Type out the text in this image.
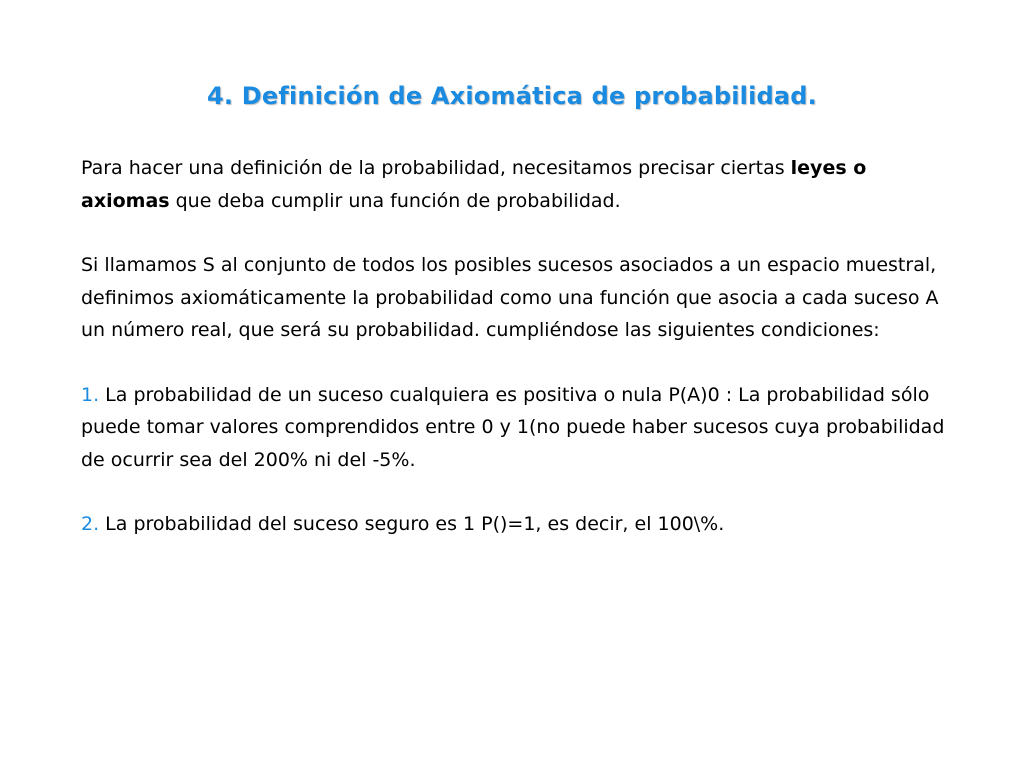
4. Definición de Axiomática de probabilidad.

Para hacer una definición de la probabilidad, necesitamos precisar ciertas leyes o axiomas que deba cumplir una función de probabilidad.

Si llamamos S al conjunto de todos los posibles sucesos asociados a un espacio muestral, definimos axiomáticamente la probabilidad como una función que asocia a cada suceso A un número real, que será su probabilidad. cumpliéndose las siguientes condiciones:

1. La probabilidad de un suceso cualquiera es positiva o nula P(A)0 : La probabilidad sólo puede tomar valores comprendidos entre 0 y 1(no puede haber sucesos cuya probabilidad de ocurrir sea del 200% ni del -5%.

2. La probabilidad del suceso seguro es 1 P()=1, es decir, el 100\%.
